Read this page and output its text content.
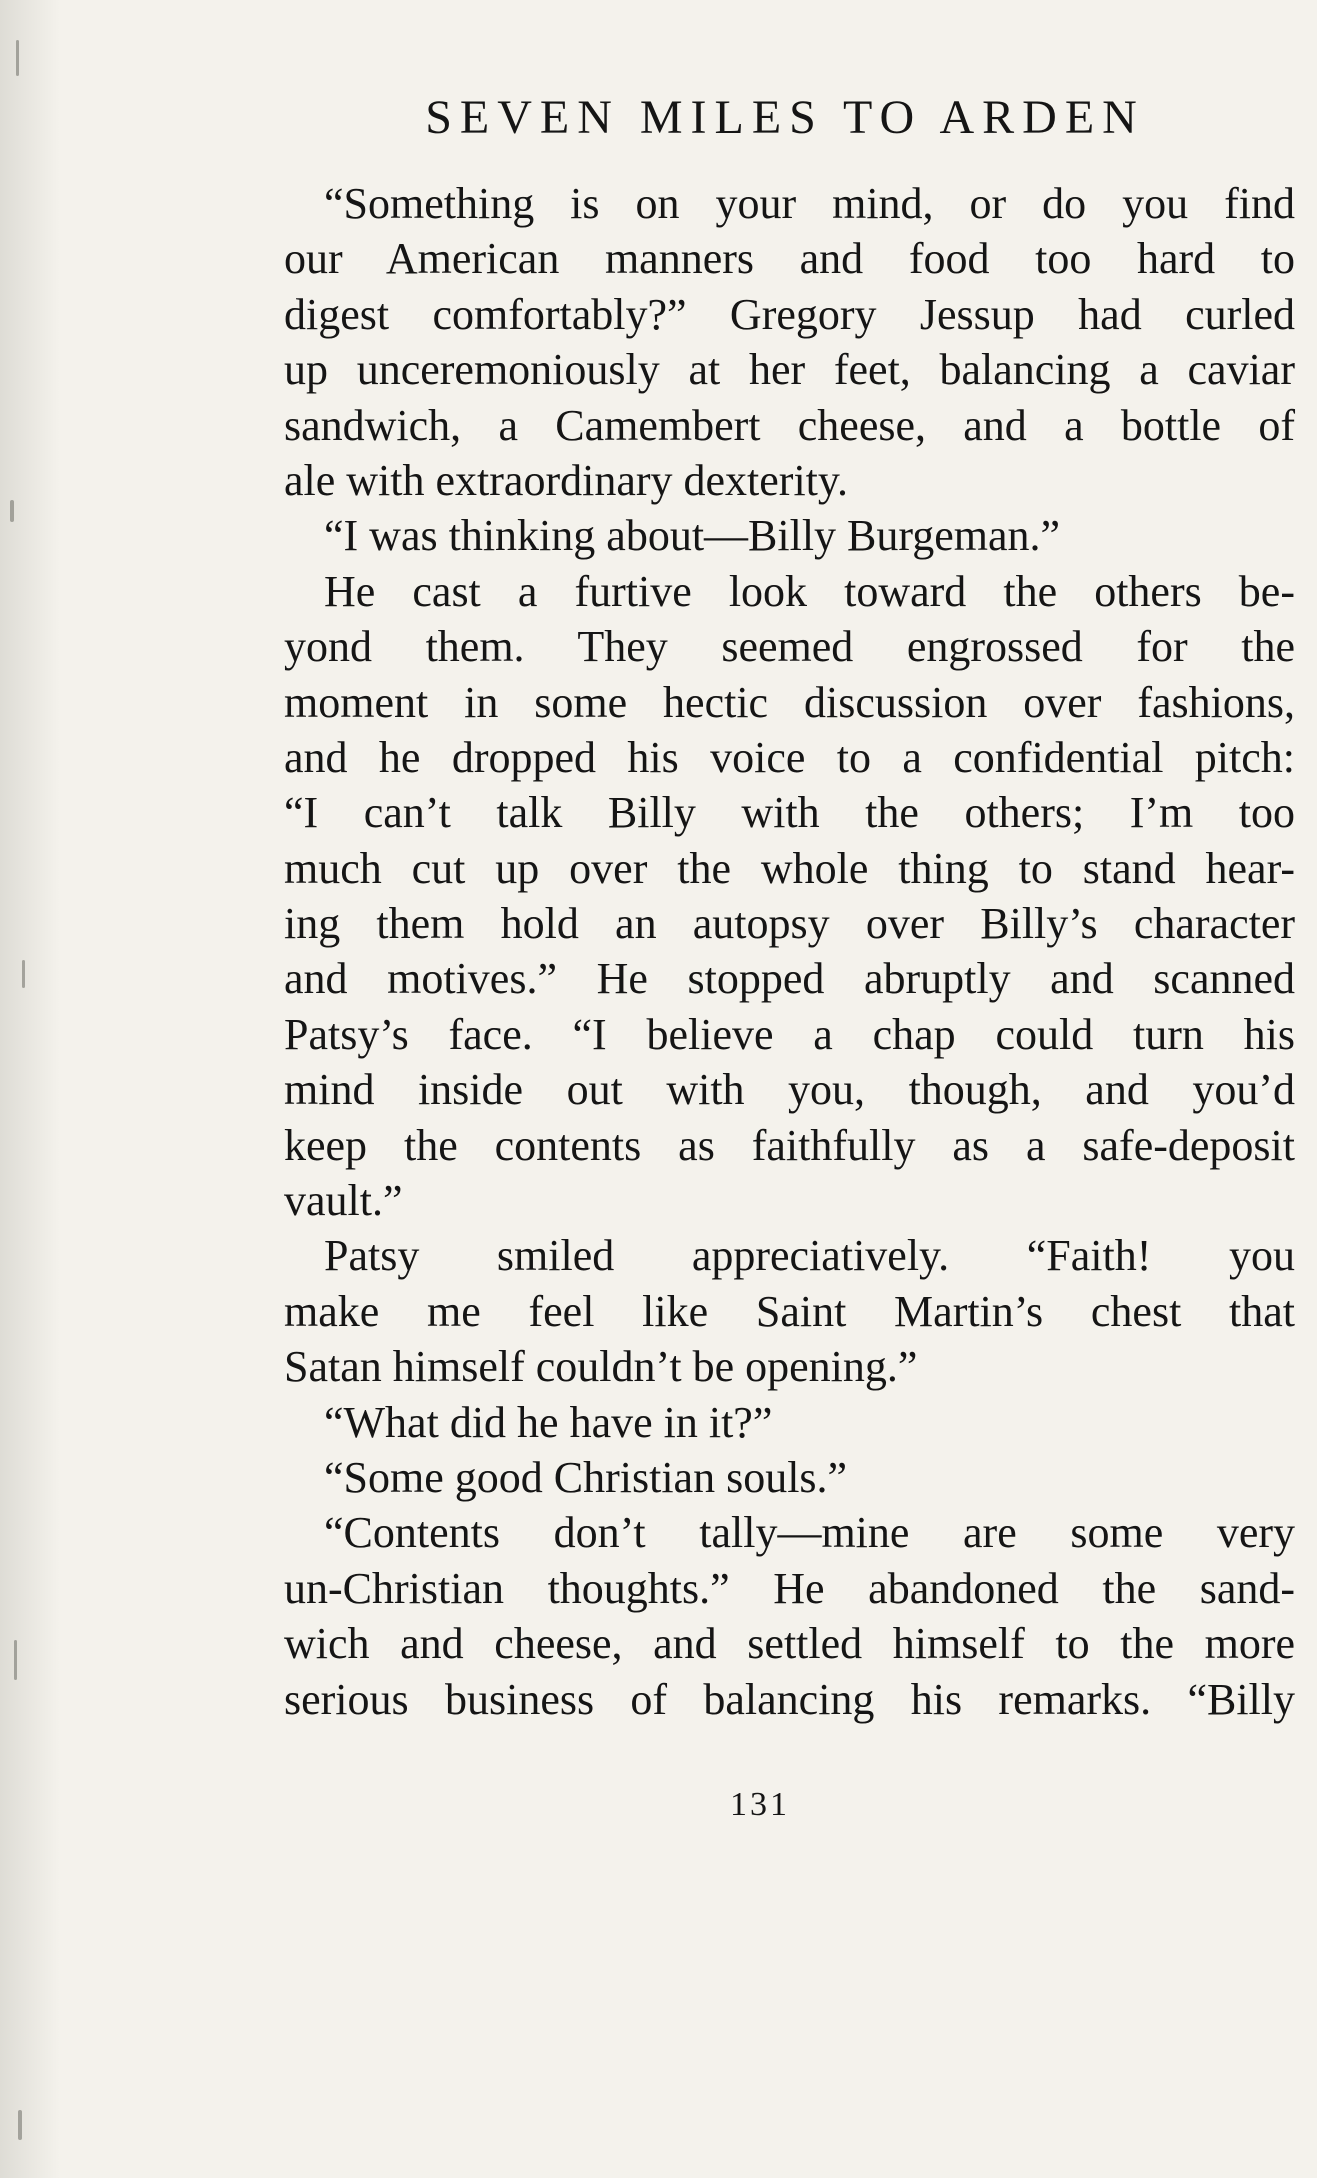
SEVEN MILES TO ARDEN
“Something is on your mind, or do you find
our American manners and food too hard to
digest comfortably?” Gregory Jessup had curled
up unceremoniously at her feet, balancing a caviar
sandwich, a Camembert cheese, and a bottle of
ale with extraordinary dexterity.
“I was thinking about—Billy Burgeman.”
He cast a furtive look toward the others be-
yond them. They seemed engrossed for the
moment in some hectic discussion over fashions,
and he dropped his voice to a confidential pitch:
“I can’t talk Billy with the others; I’m too
much cut up over the whole thing to stand hear-
ing them hold an autopsy over Billy’s character
and motives.” He stopped abruptly and scanned
Patsy’s face. “I believe a chap could turn his
mind inside out with you, though, and you’d
keep the contents as faithfully as a safe-deposit
vault.”
Patsy smiled appreciatively. “Faith! you
make me feel like Saint Martin’s chest that
Satan himself couldn’t be opening.”
“What did he have in it?”
“Some good Christian souls.”
“Contents don’t tally—mine are some very
un-Christian thoughts.” He abandoned the sand-
wich and cheese, and settled himself to the more
serious business of balancing his remarks. “Billy
131
